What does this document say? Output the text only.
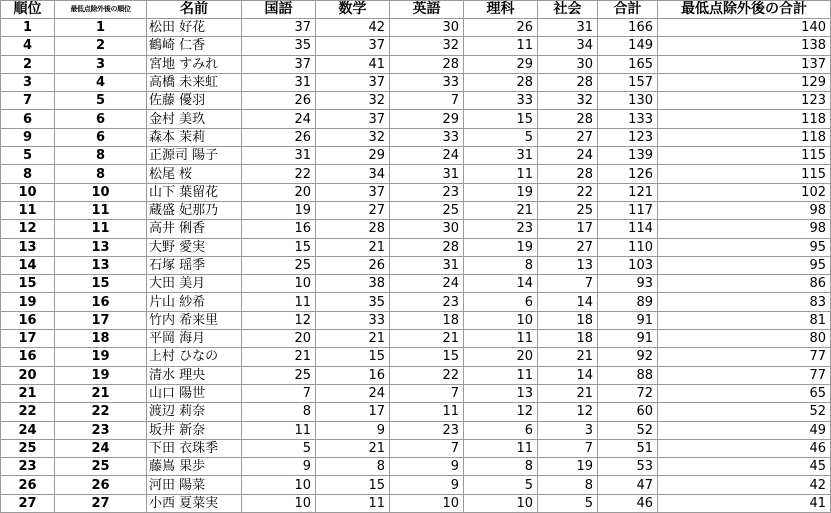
順位	最低点除外後の順位	名前	国語	数学	英語	理科	社会	合計	最低点除外後の合計
1	1	松田 好花	37	42	30	26	31	166	140
4	2	鶴崎 仁香	35	37	32	11	34	149	138
2	3	宮地 すみれ	37	41	28	29	30	165	137
3	4	高橋 未来虹	31	37	33	28	28	157	129
7	5	佐藤 優羽	26	32	7	33	32	130	123
6	6	金村 美玖	24	37	29	15	28	133	118
9	6	森本 茉莉	26	32	33	5	27	123	118
5	8	正源司 陽子	31	29	24	31	24	139	115
8	8	松尾 桜	22	34	31	11	28	126	115
10	10	山下 葉留花	20	37	23	19	22	121	102
11	11	蔵盛 妃那乃	19	27	25	21	25	117	98
12	11	高井 俐香	16	28	30	23	17	114	98
13	13	大野 愛実	15	21	28	19	27	110	95
14	13	石塚 瑶季	25	26	31	8	13	103	95
15	15	大田 美月	10	38	24	14	7	93	86
19	16	片山 紗希	11	35	23	6	14	89	83
16	17	竹内 希来里	12	33	18	10	18	91	81
17	18	平岡 海月	20	21	21	11	18	91	80
16	19	上村 ひなの	21	15	15	20	21	92	77
20	19	清水 理央	25	16	22	11	14	88	77
21	21	山口 陽世	7	24	7	13	21	72	65
22	22	渡辺 莉奈	8	17	11	12	12	60	52
24	23	坂井 新奈	11	9	23	6	3	52	49
25	24	下田 衣珠季	5	21	7	11	7	51	46
23	25	藤嶌 果歩	9	8	9	8	19	53	45
26	26	河田 陽菜	10	15	9	5	8	47	42
27	27	小西 夏菜実	10	11	10	10	5	46	41
